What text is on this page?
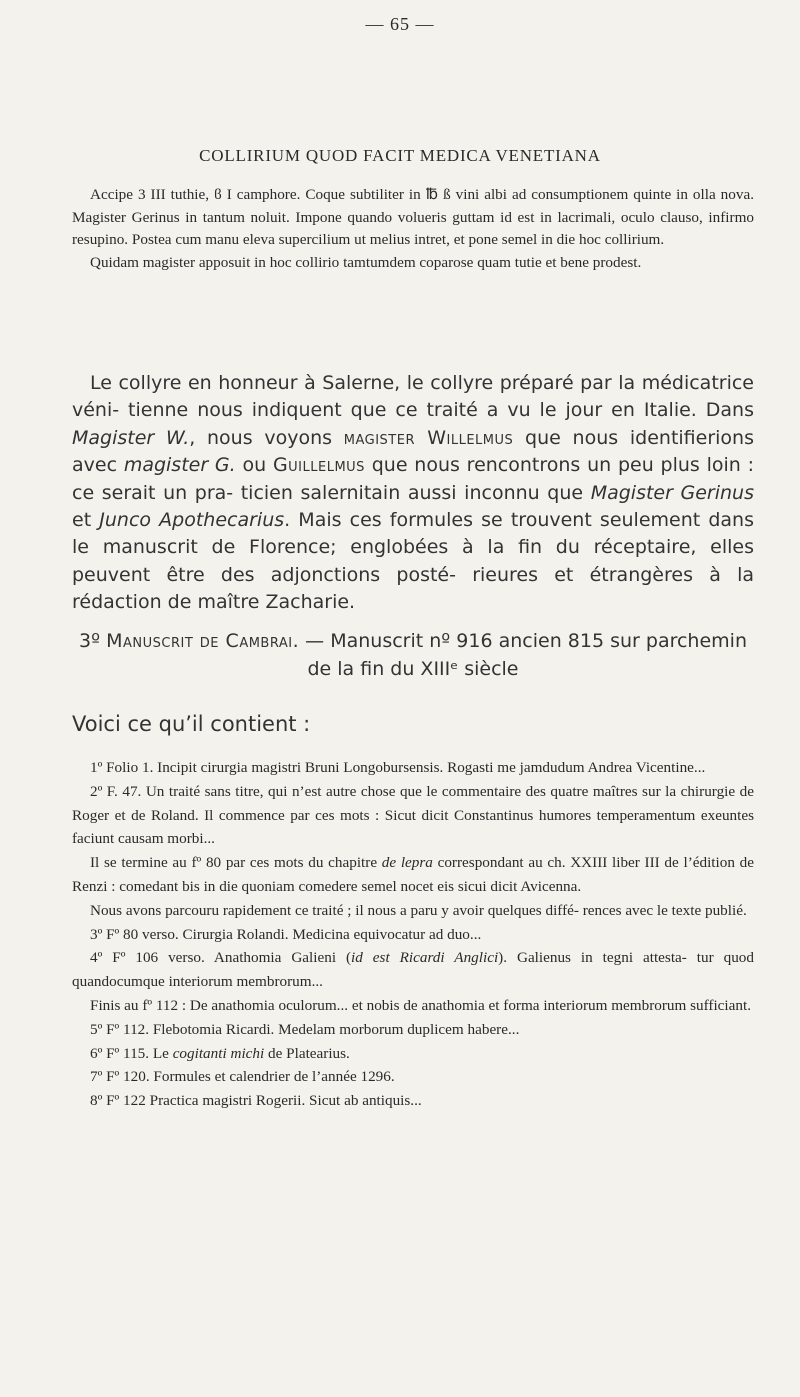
— 65 —
COLLIRIUM QUOD FACIT MEDICA VENETIANA

Accipe 3 III tuthie, ϐ I camphore. Coque subtiliter in ℔ ß vini albi ad consumptionem quinte in olla nova. Magister Gerinus in tantum noluit. Impone quando volueris guttam id est in lacrimali, oculo clauso, infirmo resupino. Postea cum manu eleva supercilium ut melius intret, et pone semel in die hoc collirium.

Quidam magister apposuit in hoc collirio tamtumdem coparose quam tutie et bene prodest.

Le collyre en honneur à Salerne, le collyre préparé par la médicatrice véni- tienne nous indiquent que ce traité a vu le jour en Italie. Dans Magister W., nous voyons magister Willelmus que nous identifierions avec magister G. ou Guillelmus que nous rencontrons un peu plus loin : ce serait un pra- ticien salernitain aussi inconnu que Magister Gerinus et Junco Apothecarius. Mais ces formules se trouvent seulement dans le manuscrit de Florence; englobées à la fin du réceptaire, elles peuvent être des adjonctions posté- rieures et étrangères à la rédaction de maître Zacharie.

3º Manuscrit de Cambrai. — Manuscrit nº 916 ancien 815 sur parchemin de la fin du XIIIᵉ siècle
Voici ce qu’il contient :

1º Folio 1. Incipit cirurgia magistri Bruni Longobursensis. Rogasti me jamdudum Andrea Vicentine...

2º F. 47. Un traité sans titre, qui n’est autre chose que le commentaire des quatre maîtres sur la chirurgie de Roger et de Roland. Il commence par ces mots : Sicut dicit Constantinus humores temperamentum exeuntes faciunt causam morbi...

Il se termine au fº 80 par ces mots du chapitre de lepra correspondant au ch. XXIII liber III de l’édition de Renzi : comedant bis in die quoniam comedere semel nocet eis sicui dicit Avicenna.

Nous avons parcouru rapidement ce traité ; il nous a paru y avoir quelques diffé- rences avec le texte publié.

3º Fº 80 verso. Cirurgia Rolandi. Medicina equivocatur ad duo...

4º Fº 106 verso. Anathomia Galieni (id est Ricardi Anglici). Galienus in tegni attesta- tur quod quandocumque interiorum membrorum...

Finis au fº 112 : De anathomia oculorum... et nobis de anathomia et forma interiorum membrorum sufficiant.

5º Fº 112. Flebotomia Ricardi. Medelam morborum duplicem habere...

6º Fº 115. Le cogitanti michi de Platearius.

7º Fº 120. Formules et calendrier de l’année 1296.

8º Fº 122 Practica magistri Rogerii. Sicut ab antiquis...
